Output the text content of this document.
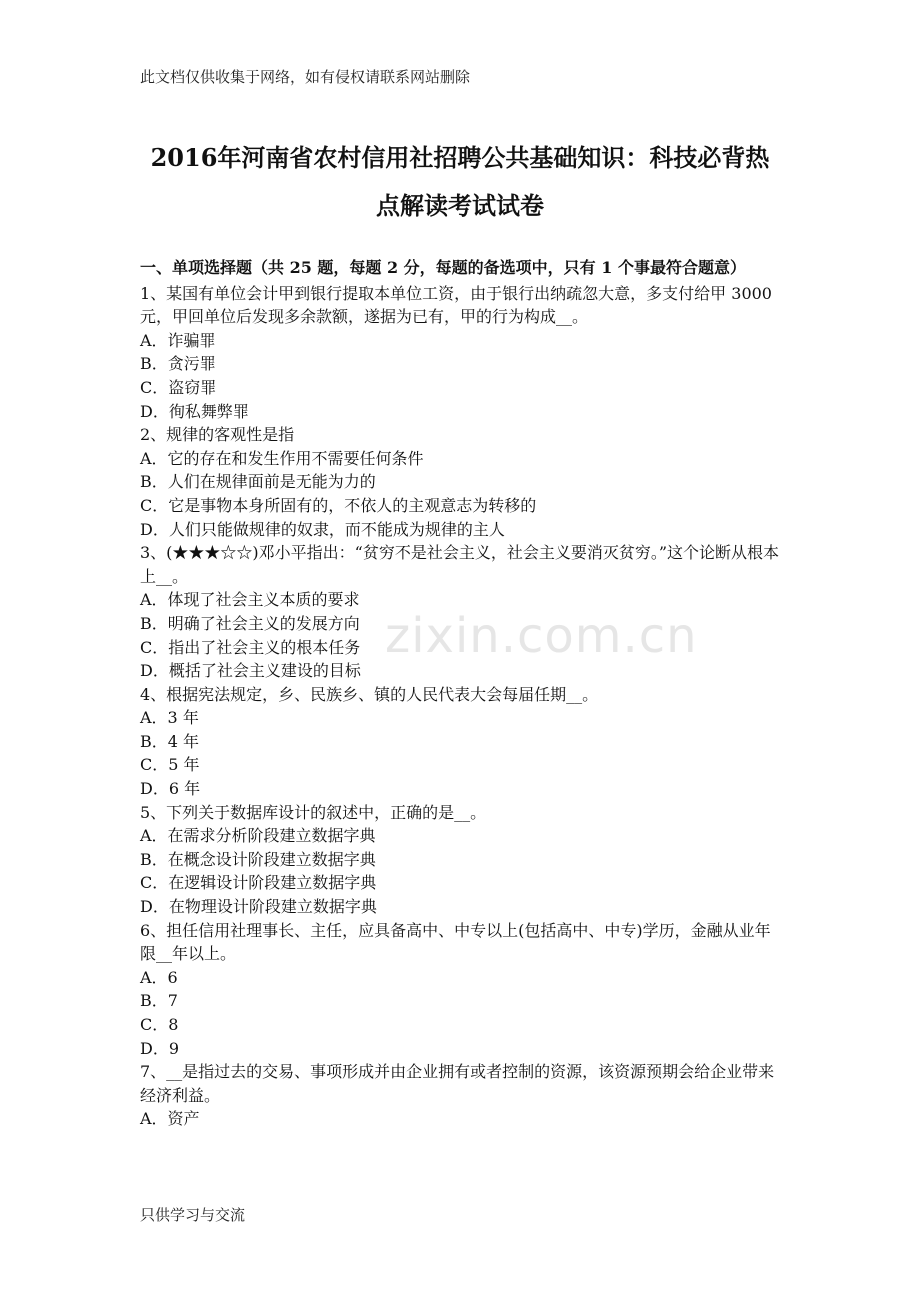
zixin.com.cn
此文档仅供收集于网络，如有侵权请联系网站删除
2016年河南省农村信用社招聘公共基础知识：科技必背热
点解读考试试卷
一、单项选择题（共 25 题，每题 2 分，每题的备选项中，只有 1 个事最符合题意）
1、某国有单位会计甲到银行提取本单位工资，由于银行出纳疏忽大意，多支付给甲 3000 元，甲回单位后发现多余款额，遂据为已有，甲的行为构成__。
A．诈骗罪
B．贪污罪
C．盗窃罪
D．徇私舞弊罪
2、规律的客观性是指
A．它的存在和发生作用不需要任何条件
B．人们在规律面前是无能为力的
C．它是事物本身所固有的，不依人的主观意志为转移的
D．人们只能做规律的奴隶，而不能成为规律的主人
3、(★★★☆☆)邓小平指出：“贫穷不是社会主义，社会主义要消灭贫穷。”这个论断从根本上__。
A．体现了社会主义本质的要求
B．明确了社会主义的发展方向
C．指出了社会主义的根本任务
D．概括了社会主义建设的目标
4、根据宪法规定，乡、民族乡、镇的人民代表大会每届任期__。
A．3 年
B．4 年
C．5 年
D．6 年
5、下列关于数据库设计的叙述中，正确的是__。
A．在需求分析阶段建立数据字典
B．在概念设计阶段建立数据字典
C．在逻辑设计阶段建立数据字典
D．在物理设计阶段建立数据字典
6、担任信用社理事长、主任，应具备高中、中专以上(包括高中、中专)学历，金融从业年限__年以上。
A．6
B．7
C．8
D．9
7、__是指过去的交易、事项形成并由企业拥有或者控制的资源，该资源预期会给企业带来经济利益。
A．资产
只供学习与交流
